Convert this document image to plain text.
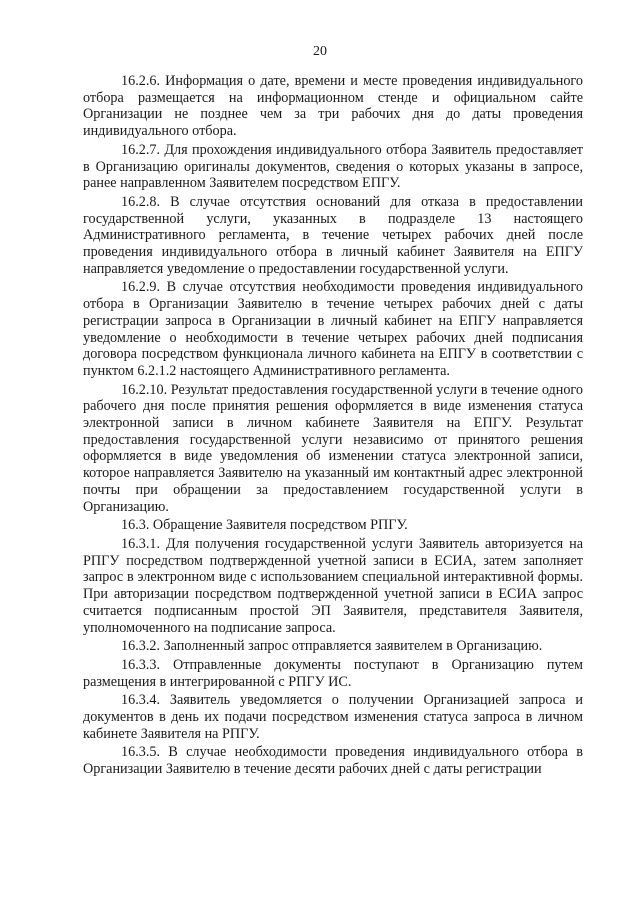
20

16.2.6. Информация о дате, времени и месте проведения индивидуального отбора размещается на информационном стенде и официальном сайте Организации не позднее чем за три рабочих дня до даты проведения индивидуального отбора.

16.2.7. Для прохождения индивидуального отбора Заявитель предоставляет в Организацию оригиналы документов, сведения о которых указаны в запросе, ранее направленном Заявителем посредством ЕПГУ.

16.2.8. В случае отсутствия оснований для отказа в предоставлении государственной услуги, указанных в подразделе 13 настоящего Административного регламента, в течение четырех рабочих дней после проведения индивидуального отбора в личный кабинет Заявителя на ЕПГУ направляется уведомление о предоставлении государственной услуги.

16.2.9. В случае отсутствия необходимости проведения индивидуального отбора в Организации Заявителю в течение четырех рабочих дней с даты регистрации запроса в Организации в личный кабинет на ЕПГУ направляется уведомление о необходимости в течение четырех рабочих дней подписания договора посредством функционала личного кабинета на ЕПГУ в соответствии с пунктом 6.2.1.2 настоящего Административного регламента.

16.2.10. Результат предоставления государственной услуги в течение одного рабочего дня после принятия решения оформляется в виде изменения статуса электронной записи в личном кабинете Заявителя на ЕПГУ. Результат предоставления государственной услуги независимо от принятого решения оформляется в виде уведомления об изменении статуса электронной записи, которое направляется Заявителю на указанный им контактный адрес электронной почты при обращении за предоставлением государственной услуги в Организацию.

16.3. Обращение Заявителя посредством РПГУ.

16.3.1. Для получения государственной услуги Заявитель авторизуется на РПГУ посредством подтвержденной учетной записи в ЕСИА, затем заполняет запрос в электронном виде с использованием специальной интерактивной формы. При авторизации посредством подтвержденной учетной записи в ЕСИА запрос считается подписанным простой ЭП Заявителя, представителя Заявителя, уполномоченного на подписание запроса.

16.3.2. Заполненный запрос отправляется заявителем в Организацию.

16.3.3. Отправленные документы поступают в Организацию путем размещения в интегрированной с РПГУ ИС.

16.3.4. Заявитель уведомляется о получении Организацией запроса и документов в день их подачи посредством изменения статуса запроса в личном кабинете Заявителя на РПГУ.

16.3.5. В случае необходимости проведения индивидуального отбора в Организации Заявителю в течение десяти рабочих дней с даты регистрации
